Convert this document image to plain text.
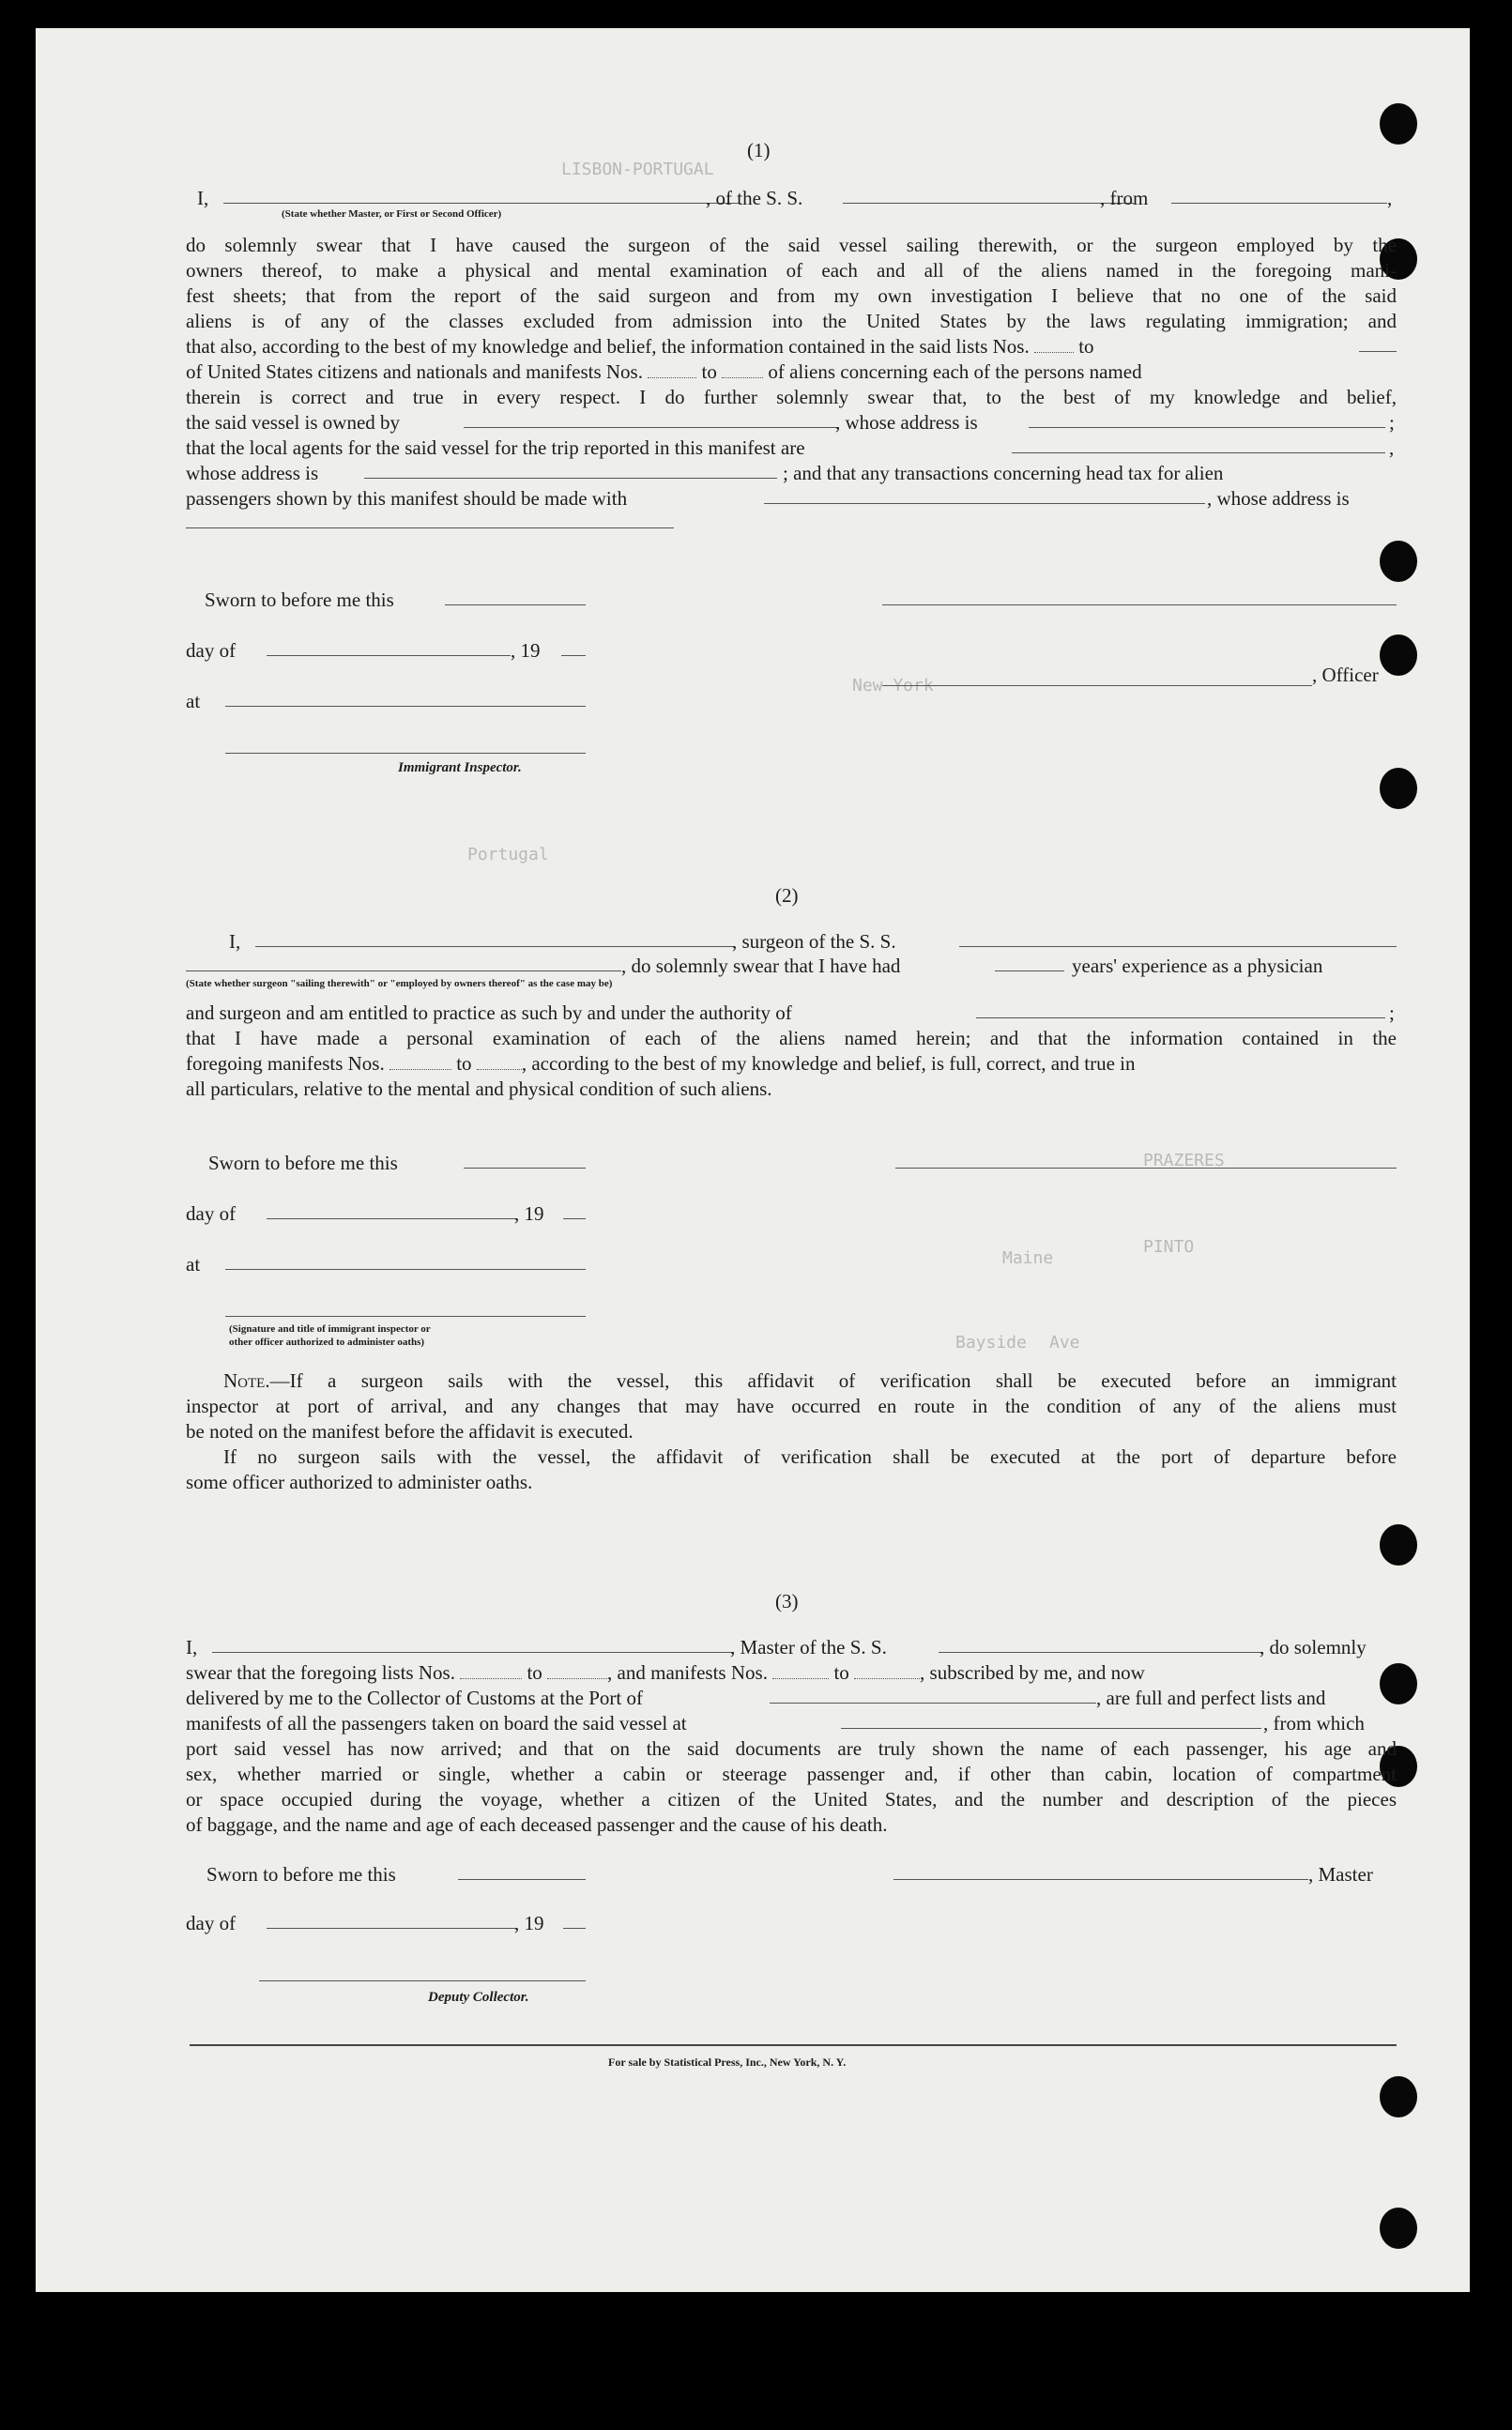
LISBON-PORTUGAL
New York
PINTO
PRAZERES
Portugal
Bayside Ave
Maine
(1)
I,	, of the S. S.	, from	,
(State whether Master, or First or Second Officer)
do solemnly swear that I have caused the surgeon of the said vessel sailing therewith, or the surgeon employed by the
owners thereof, to make a physical and mental examination of each and all of the aliens named in the foregoing mani-
fest sheets; that from the report of the said surgeon and from my own investigation I believe that no one of the said
aliens is of any of the classes excluded from admission into the United States by the laws regulating immigration; and
that also, according to the best of my knowledge and belief, the information contained in the said lists Nos.	to
of United States citizens and nationals and manifests Nos.	to	of aliens concerning each of the persons named
therein is correct and true in every respect. I do further solemnly swear that, to the best of my knowledge and belief,
the said vessel is owned by	, whose address is	;
that the local agents for the said vessel for the trip reported in this manifest are	,
whose address is	; and that any transactions concerning head tax for alien
passengers shown by this manifest should be made with	, whose address is
Sworn to before me this
day of	, 19
, Officer
at
Immigrant Inspector.
(2)
I,	, surgeon of the S. S.
, do solemnly swear that I have had	years' experience as a physician
(State whether surgeon "sailing therewith" or "employed by owners thereof" as the case may be)
and surgeon and am entitled to practice as such by and under the authority of	;
that I have made a personal examination of each of the aliens named herein; and that the information contained in the
foregoing manifests Nos.	to	, according to the best of my knowledge and belief, is full, correct, and true in
all particulars, relative to the mental and physical condition of such aliens.
Sworn to before me this
day of	, 19
at
(Signature and title of immigrant inspector or
other officer authorized to administer oaths)
Note.—If a surgeon sails with the vessel, this affidavit of verification shall be executed before an immigrant
inspector at port of arrival, and any changes that may have occurred en route in the condition of any of the aliens must
be noted on the manifest before the affidavit is executed.
If no surgeon sails with the vessel, the affidavit of verification shall be executed at the port of departure before
some officer authorized to administer oaths.
(3)
I,	, Master of the S. S.	, do solemnly
swear that the foregoing lists Nos.	to	, and manifests Nos.	to	, subscribed by me, and now
delivered by me to the Collector of Customs at the Port of	, are full and perfect lists and
manifests of all the passengers taken on board the said vessel at	, from which
port said vessel has now arrived; and that on the said documents are truly shown the name of each passenger, his age and
sex, whether married or single, whether a cabin or steerage passenger and, if other than cabin, location of compartment
or space occupied during the voyage, whether a citizen of the United States, and the number and description of the pieces
of baggage, and the name and age of each deceased passenger and the cause of his death.
Sworn to before me this	, Master
day of	, 19
Deputy Collector.
For sale by Statistical Press, Inc., New York, N. Y.
